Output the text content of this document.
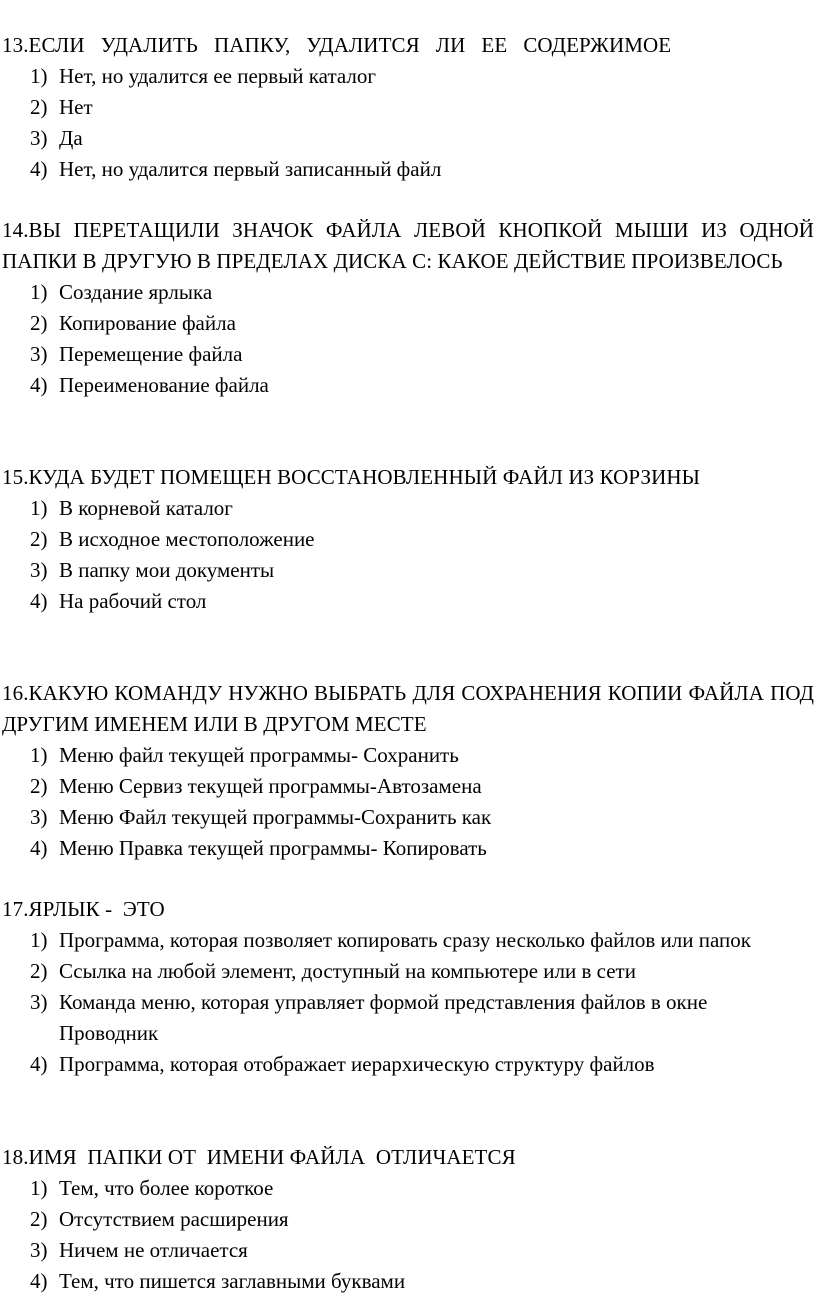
13.ЕСЛИ   УДАЛИТЬ   ПАПКУ,   УДАЛИТСЯ   ЛИ   ЕЕ   СОДЕРЖИМОЕ

1) Нет, но удалится ее первый каталог
2) Нет
3) Да
4) Нет, но удалится первый записанный файл

14.ВЫ ПЕРЕТАЩИЛИ ЗНАЧОК ФАЙЛА ЛЕВОЙ КНОПКОЙ МЫШИ ИЗ ОДНОЙ ПАПКИ В ДРУГУЮ В ПРЕДЕЛАХ ДИСКА С: КАКОЕ ДЕЙСТВИЕ ПРОИЗВЕЛОСЬ

1) Создание ярлыка
2) Копирование файла
3) Перемещение файла
4) Переименование файла

15.КУДА БУДЕТ ПОМЕЩЕН ВОССТАНОВЛЕННЫЙ ФАЙЛ ИЗ КОРЗИНЫ

1) В корневой каталог
2) В исходное местоположение
3) В папку мои документы
4) На рабочий стол

16.КАКУЮ КОМАНДУ НУЖНО ВЫБРАТЬ ДЛЯ СОХРАНЕНИЯ КОПИИ ФАЙЛА ПОД ДРУГИМ ИМЕНЕМ ИЛИ В ДРУГОМ МЕСТЕ

1) Меню файл текущей программы- Сохранить
2) Меню Сервиз текущей программы-Автозамена
3) Меню Файл текущей программы-Сохранить как
4) Меню Правка текущей программы- Копировать

17.ЯРЛЫК -  ЭТО

1) Программа, которая позволяет копировать сразу несколько файлов или папок
2) Ссылка на любой элемент, доступный на компьютере или в сети
3) Команда меню, которая управляет формой представления файлов в окне Проводник
4) Программа, которая отображает иерархическую структуру файлов

18.ИМЯ  ПАПКИ ОТ  ИМЕНИ ФАЙЛА  ОТЛИЧАЕТСЯ

1) Тем, что более короткое
2) Отсутствием расширения
3) Ничем не отличается
4) Тем, что пишется заглавными буквами
